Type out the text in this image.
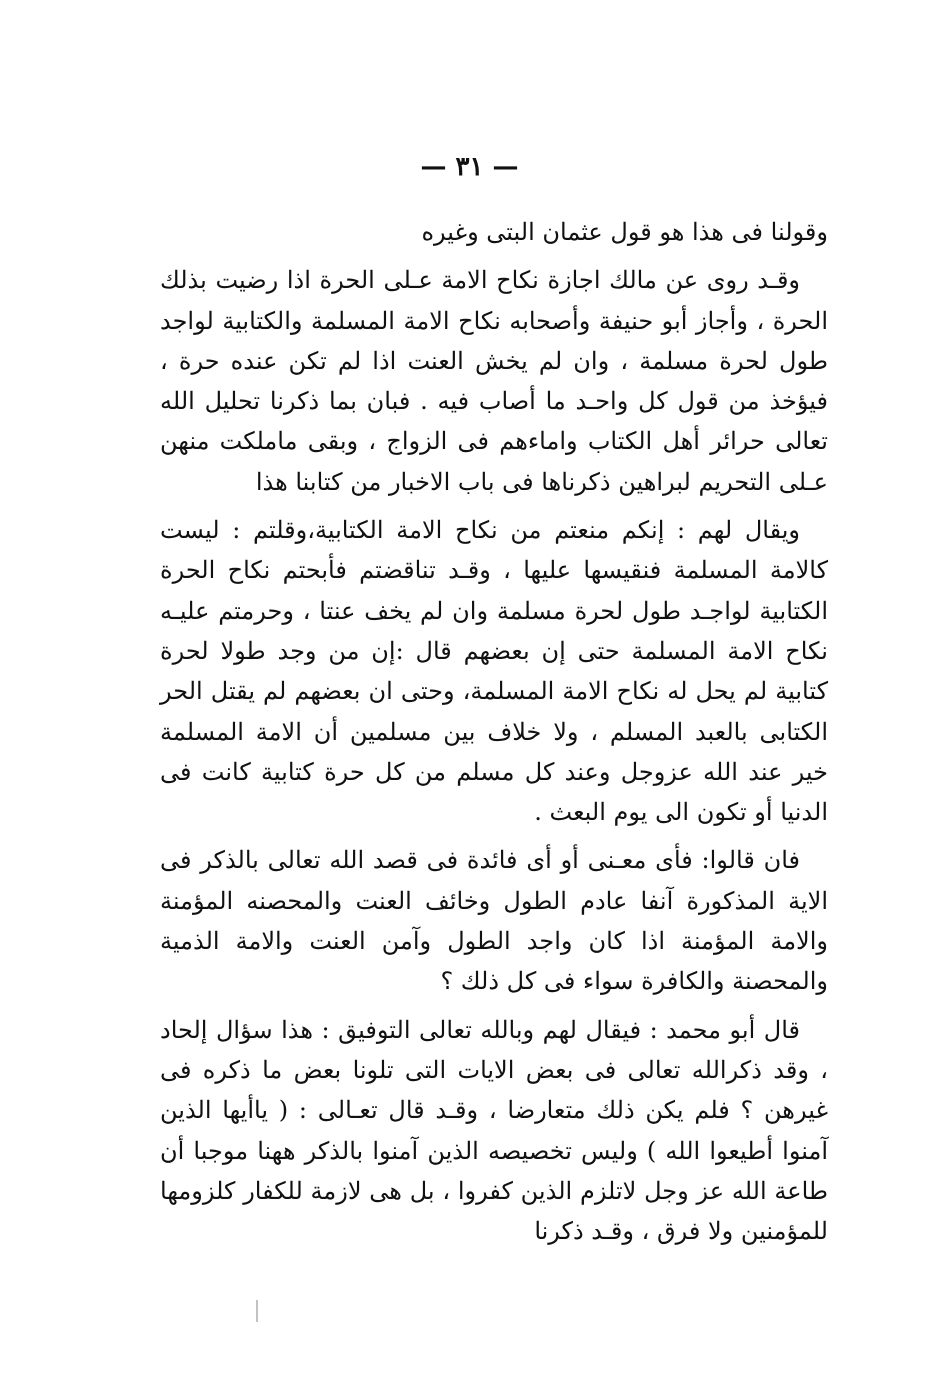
— ٣١ —

وقولنا فى هذا هو قول عثمان البتى وغيره

وقـد روى عن مالك اجازة نكاح الامة عـلى الحرة اذا رضيت بذلك الحرة ، وأجاز أبو حنيفة وأصحابه نكاح الامة المسلمة والكتابية لواجد طول لحرة مسلمة ، وان لم يخش العنت اذا لم تكن عنده حرة ، فيؤخذ من قول كل واحـد ما أصاب فيه . فبان بما ذكرنا تحليل الله تعالى حرائر أهل الكتاب واماءهم فى الزواج ، وبقى ماملكت منهن عـلى التحريم لبراهين ذكرناها فى باب الاخبار من كتابنا هذا

ويقال لهم : إنكم منعتم من نكاح الامة الكتابية،وقلتم : ليست كالامة المسلمة فنقيسها عليها ، وقـد تناقضتم فأبحتم نكاح الحرة الكتابية لواجـد طول لحرة مسلمة وان لم يخف عنتا ، وحرمتم عليـه نكاح الامة المسلمة حتى إن بعضهم قال :إن من وجد طولا لحرة كتابية لم يحل له نكاح الامة المسلمة، وحتى ان بعضهم لم يقتل الحر الكتابى بالعبد المسلم ، ولا خلاف بين مسلمين أن الامة المسلمة خير عند الله عزوجل وعند كل مسلم من كل حرة كتابية كانت فى الدنيا أو تكون الى يوم البعث .

فان قالوا: فأى معـنى أو أى فائدة فى قصد الله تعالى بالذكر فى الاية المذكورة آنفا عادم الطول وخائف العنت والمحصنه المؤمنة والامة المؤمنة اذا كان واجد الطول وآمن العنت والامة الذمية والمحصنة والكافرة سواء فى كل ذلك ؟

قال أبو محمد : فيقال لهم وبالله تعالى التوفيق : هذا سؤال إلحاد ، وقد ذكرالله تعالى فى بعض الايات التى تلونا بعض ما ذكره فى غيرهن ؟ فلم يكن ذلك متعارضا ، وقـد قال تعـالى : ( ياأيها الذين آمنوا أطيعوا الله ) وليس تخصيصه الذين آمنوا بالذكر ههنا موجبا أن طاعة الله عز وجل لاتلزم الذين كفروا ، بل هى لازمة للكفار كلزومها للمؤمنين ولا فرق ، وقـد ذكرنا
